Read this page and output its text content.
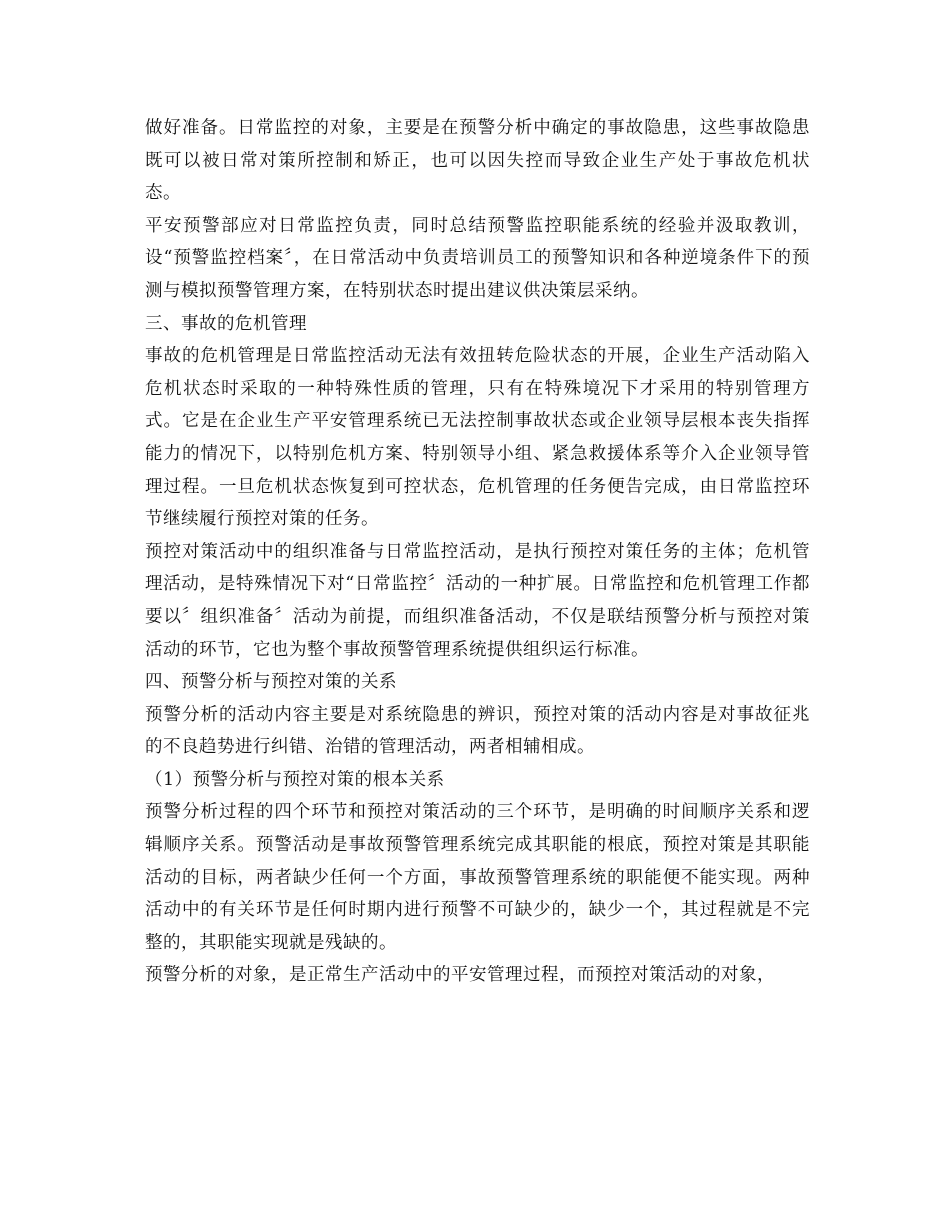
做好准备。日常监控的对象，主要是在预警分析中确定的事故隐患，这些事故隐患既可以被日常对策所控制和矫正，也可以因失控而导致企业生产处于事故危机状态。

平安预警部应对日常监控负责，同时总结预警监控职能系统的经验并汲取教训，设“预警监控档案〞，在日常活动中负责培训员工的预警知识和各种逆境条件下的预测与模拟预警管理方案，在特别状态时提出建议供决策层采纳。

三、事故的危机管理

事故的危机管理是日常监控活动无法有效扭转危险状态的开展，企业生产活动陷入危机状态时采取的一种特殊性质的管理，只有在特殊境况下才采用的特别管理方式。它是在企业生产平安管理系统已无法控制事故状态或企业领导层根本丧失指挥能力的情况下，以特别危机方案、特别领导小组、紧急救援体系等介入企业领导管理过程。一旦危机状态恢复到可控状态，危机管理的任务便告完成，由日常监控环节继续履行预控对策的任务。

预控对策活动中的组织准备与日常监控活动，是执行预控对策任务的主体；危机管理活动，是特殊情况下对“日常监控〞活动的一种扩展。日常监控和危机管理工作都要以〞组织准备〞活动为前提，而组织准备活动，不仅是联结预警分析与预控对策活动的环节，它也为整个事故预警管理系统提供组织运行标准。

四、预警分析与预控对策的关系

预警分析的活动内容主要是对系统隐患的辨识，预控对策的活动内容是对事故征兆的不良趋势进行纠错、治错的管理活动，两者相辅相成。

（1）预警分析与预控对策的根本关系

预警分析过程的四个环节和预控对策活动的三个环节，是明确的时间顺序关系和逻辑顺序关系。预警活动是事故预警管理系统完成其职能的根底，预控对策是其职能活动的目标，两者缺少任何一个方面，事故预警管理系统的职能便不能实现。两种活动中的有关环节是任何时期内进行预警不可缺少的，缺少一个，其过程就是不完整的，其职能实现就是残缺的。

预警分析的对象，是正常生产活动中的平安管理过程，而预控对策活动的对象，
